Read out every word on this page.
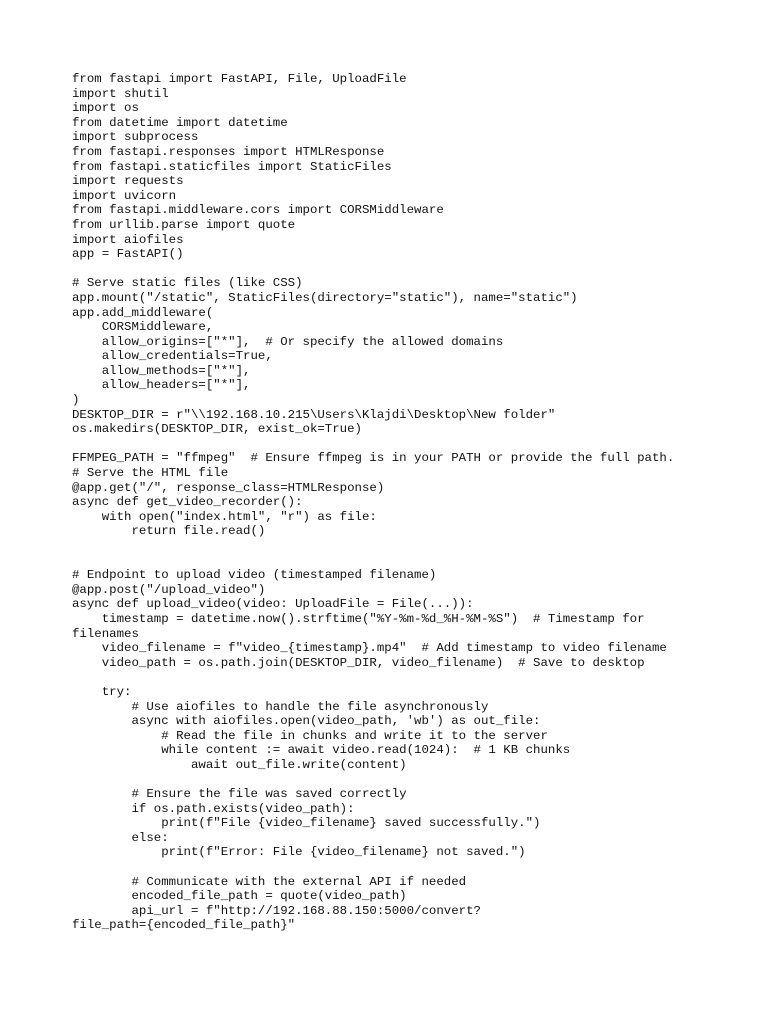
from fastapi import FastAPI, File, UploadFile
import shutil
import os
from datetime import datetime
import subprocess
from fastapi.responses import HTMLResponse
from fastapi.staticfiles import StaticFiles
import requests
import uvicorn
from fastapi.middleware.cors import CORSMiddleware
from urllib.parse import quote
import aiofiles
app = FastAPI()
# Serve static files (like CSS)
app.mount("/static", StaticFiles(directory="static"), name="static")
app.add_middleware(
CORSMiddleware,
allow_origins=["*"],  # Or specify the allowed domains
allow_credentials=True,
allow_methods=["*"],
allow_headers=["*"],
)
DESKTOP_DIR = r"\\192.168.10.215\Users\Klajdi\Desktop\New folder"
os.makedirs(DESKTOP_DIR, exist_ok=True)
FFMPEG_PATH = "ffmpeg"  # Ensure ffmpeg is in your PATH or provide the full path.
# Serve the HTML file
@app.get("/", response_class=HTMLResponse)
async def get_video_recorder():
with open("index.html", "r") as file:
return file.read()
# Endpoint to upload video (timestamped filename)
@app.post("/upload_video")
async def upload_video(video: UploadFile = File(...)):
timestamp = datetime.now().strftime("%Y-%m-%d_%H-%M-%S")  # Timestamp for
filenames
video_filename = f"video_{timestamp}.mp4"  # Add timestamp to video filename
video_path = os.path.join(DESKTOP_DIR, video_filename)  # Save to desktop
try:
# Use aiofiles to handle the file asynchronously
async with aiofiles.open(video_path, 'wb') as out_file:
# Read the file in chunks and write it to the server
while content := await video.read(1024):  # 1 KB chunks
await out_file.write(content)
# Ensure the file was saved correctly
if os.path.exists(video_path):
print(f"File {video_filename} saved successfully.")
else:
print(f"Error: File {video_filename} not saved.")
# Communicate with the external API if needed
encoded_file_path = quote(video_path)
api_url = f"http://192.168.88.150:5000/convert?
file_path={encoded_file_path}"
